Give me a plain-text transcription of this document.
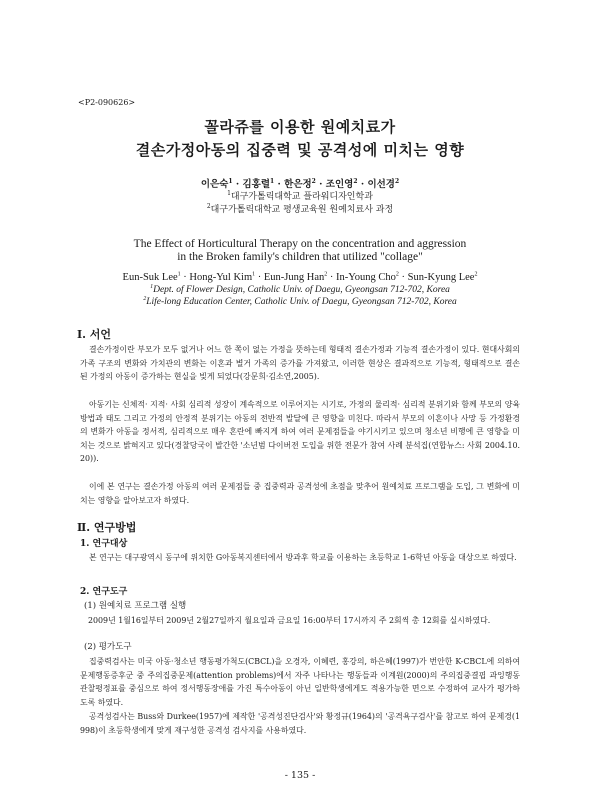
<P2-090626>
꼴라쥬를 이용한 원예치료가
결손가정아동의 집중력 및 공격성에 미치는 영향
이은숙$^1$ · 김홍렬$^1$ · 한은정$^2$ · 조인영$^2$ · 이선경$^2$
$^1$대구가톨릭대학교 플라워디자인학과
$^2$대구가톨릭대학교 평생교육원 원예치료사 과정
The Effect of Horticultural Therapy on the concentration and aggression
in the Broken family's children that utilized "collage"
Eun-Suk Lee$^1$ · Hong-Yul Kim$^1$ · Eun-Jung Han$^2$ · In-Young Cho$^2$ · Sun-Kyung Lee$^2$
$^1$Dept. of Flower Design, Catholic Univ. of Daegu, Gyeongsan 712-702, Korea
$^2$Life-long Education Center, Catholic Univ. of Daegu, Gyeongsan 712-702, Korea
Ⅰ. 서언

결손가정이란 부모가 모두 없거나 어느 한 쪽이 없는 가정을 뜻하는데 형태적 결손가정과 기능적 결손가정이 있다. 현대사회의 가족 구조의 변화와 가치관의 변화는 이혼과 별거 가족의 증가를 가져왔고, 이러한 현상은 결과적으로 기능적, 형태적으로 결손 된 가정의 아동이 증가하는 현실을 빚게 되었다(강문희·김소연,2005).

아동기는 신체적· 지적· 사회 심리적 성장이 계속적으로 이루어지는 시기로, 가정의 물리적· 심리적 분위기와 함께 부모의 양육방법과 태도 그리고 가정의 안정적 분위기는 아동의 전반적 발달에 큰 영향을 미친다. 따라서 부모의 이혼이나 사망 등 가정환경의 변화가 아동을 정서적, 심리적으로 매우 혼란에 빠지게 하여 여러 문제점들을 야기시키고 있으며 청소년 비행에 큰 영향을 미치는 것으로 밝혀지고 있다(경찰당국이 발간한 '소년범 다이버젼 도입을 위한 전문가 참여 사례 분석집(연합뉴스: 사회 2004.10.20)).

이에 본 연구는 결손가정 아동의 여러 문제점들 중 집중력과 공격성에 초점을 맞추어 원예치료 프로그램을 도입, 그 변화에 미치는 영향을 알아보고자 하였다.

Ⅱ. 연구방법
1. 연구대상

본 연구는 대구광역시 동구에 위치한 G아동복지센터에서 방과후 학교를 이용하는 초등학교 1-6학년 아동을 대상으로 하였다.

2. 연구도구
(1) 원예치료 프로그램 실행

2009년 1월16일부터 2009년 2월27일까지 월요일과 금요일 16:00부터 17시까지 주 2회씩 총 12회를 실시하였다.

(2) 평가도구

집중력검사는 미국 아동·청소년 행동평가척도(CBCL)을 오경자, 이혜련, 홍강의, 하은혜(1997)가 번안한 K-CBCL에 의하여 문제행동증후군 중 주의집중문제(attention problems)에서 자주 나타나는 행동들과 이계원(2000)의 주의집중결핍 과잉행동 관찰평정표를 중심으로 하여 정서행동장애를 가진 특수아동이 아닌 일반학생에게도 적용가능한 면으로 수정하여 교사가 평가하도록 하였다.

공격성검사는 Buss와 Durkee(1957)에 제작한 '공격성진단검사'와 황정규(1964)의 '공격욕구검사'를 참고로 하여 문제경(1998)이 초등학생에게 맞게 재구성한 공격성 검사지를 사용하였다.

- 135 -
